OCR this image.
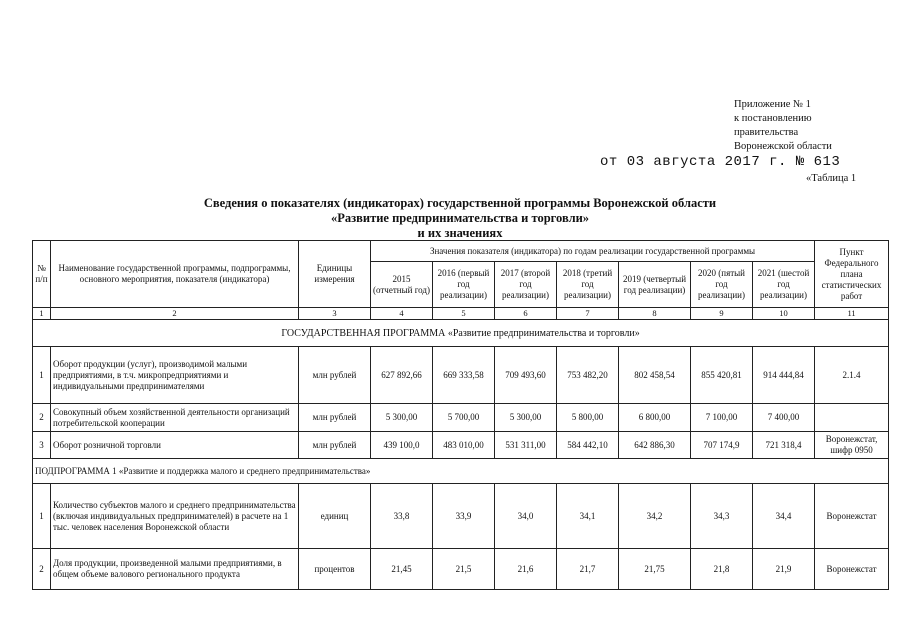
Приложение № 1
к постановлению
правительства
Воронежской области
от 03 августа 2017 г. № 613
«Таблица 1
Сведения о показателях (индикаторах) государственной программы Воронежской области
«Развитие предпринимательства и торговли»
и их значениях
№ п/п	Наименование государственной программы, подпрограммы, основного мероприятия, показателя (индикатора)	Единицы измерения	Значения показателя (индикатора) по годам реализации государственной программы							Пункт Федерального плана статистических работ
			2015 (отчетный год)	2016 (первый год реализации)	2017 (второй год реализации)	2018 (третий год реализации)	2019 (четвертый год реализации)	2020 (пятый год реализации)	2021 (шестой год реализации)	
1	2	3	4	5	6	7	8	9	10	11
ГОСУДАРСТВЕННАЯ ПРОГРАММА «Развитие предпринимательства и торговли»										
1	Оборот продукции (услуг), производимой малыми предприятиями, в т.ч. микропредприятиями и индивидуальными предпринимателями	млн рублей	627 892,66	669 333,58	709 493,60	753 482,20	802 458,54	855 420,81	914 444,84	2.1.4
2	Совокупный объем хозяйственной деятельности организаций потребительской кооперации	млн рублей	5 300,00	5 700,00	5 300,00	5 800,00	6 800,00	7 100,00	7 400,00	
3	Оборот розничной торговли	млн рублей	439 100,0	483 010,00	531 311,00	584 442,10	642 886,30	707 174,9	721 318,4	Воронежстат, шифр 0950
ПОДПРОГРАММА 1 «Развитие и поддержка малого и среднего предпринимательства»										
1	Количество субъектов малого и среднего предпринимательства (включая индивидуальных предпринимателей) в расчете на 1 тыс. человек населения Воронежской области	единиц	33,8	33,9	34,0	34,1	34,2	34,3	34,4	Воронежстат
2	Доля продукции, произведенной малыми предприятиями, в общем объеме валового регионального продукта	процентов	21,45	21,5	21,6	21,7	21,75	21,8	21,9	Воронежстат
